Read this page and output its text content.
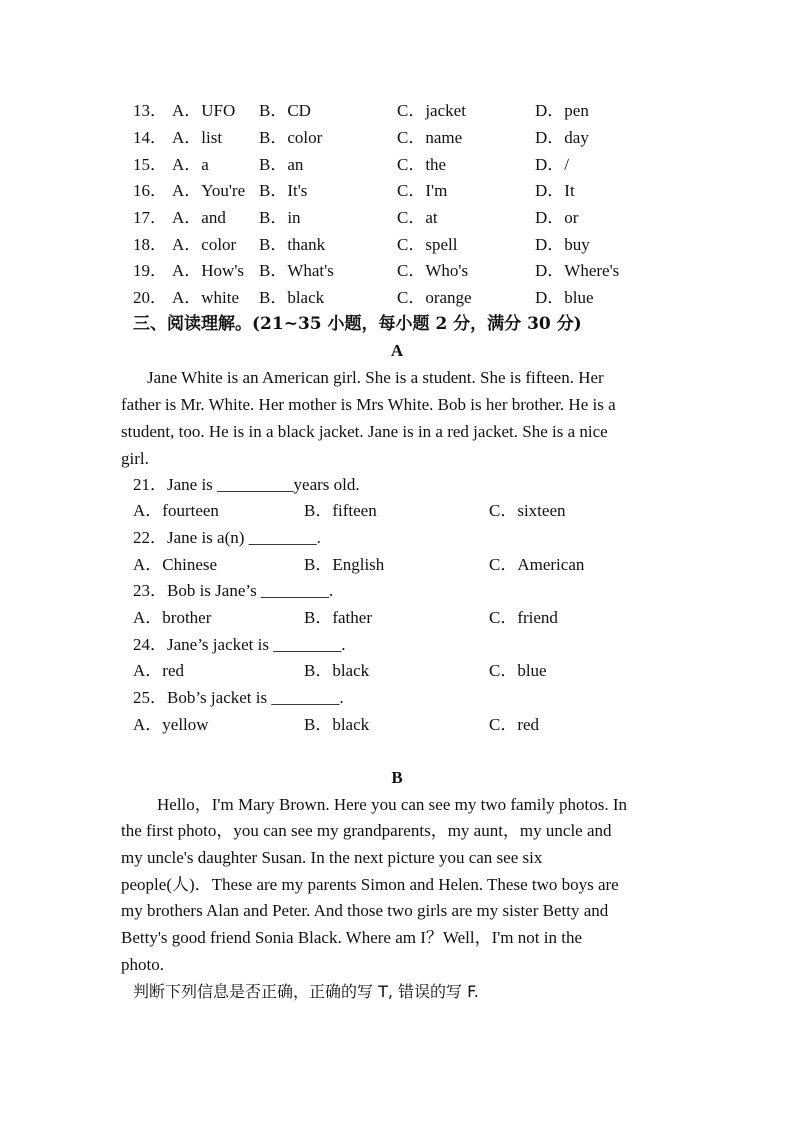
13． A．UFO B．CD	C．jacket	D．pen
14． A．list B．color	C．name	D．day
15． A．a	B．an	C．the	D．/
16． A．You're B．It's	C．I'm	D．It
17． A．and B．in	C．at	D．or
18． A．color B．thank	C．spell	D．buy
19． A．How's B．What's	C．Who's	D．Where's
20． A．white B．black	C．orange	D．blue
三、阅读理解。(21~35 小题，每小题 2 分，满分 30 分)
A
Jane White is an American girl. She is a student. She is fifteen. Her
father is Mr. White. Her mother is Mrs White. Bob is her brother. He is a
student, too. He is in a black jacket. Jane is in a red jacket. She is a nice
girl.
21．Jane is _________years old.
A．fourteen	B．fifteen	C．sixteen
22．Jane is a(n) ________.
A．Chinese	B．English	C．American
23．Bob is Jane’s ________.
A．brother	B．father	C．friend
24．Jane’s jacket is ________.
A．red	B．black	C．blue
25．Bob’s jacket is ________.
A．yellow	B．black	C．red
B
Hello，I'm Mary Brown. Here you can see my two family photos. In
the first photo，you can see my grandparents，my aunt，my uncle and
my uncle's daughter Susan. In the next picture you can see six
people(人)．These are my parents Simon and Helen. These two boys are
my brothers Alan and Peter. And those two girls are my sister Betty and
Betty's good friend Sonia Black. Where am I？Well，I'm not in the
photo.
判断下列信息是否正确，正确的写 T, 错误的写 F.
